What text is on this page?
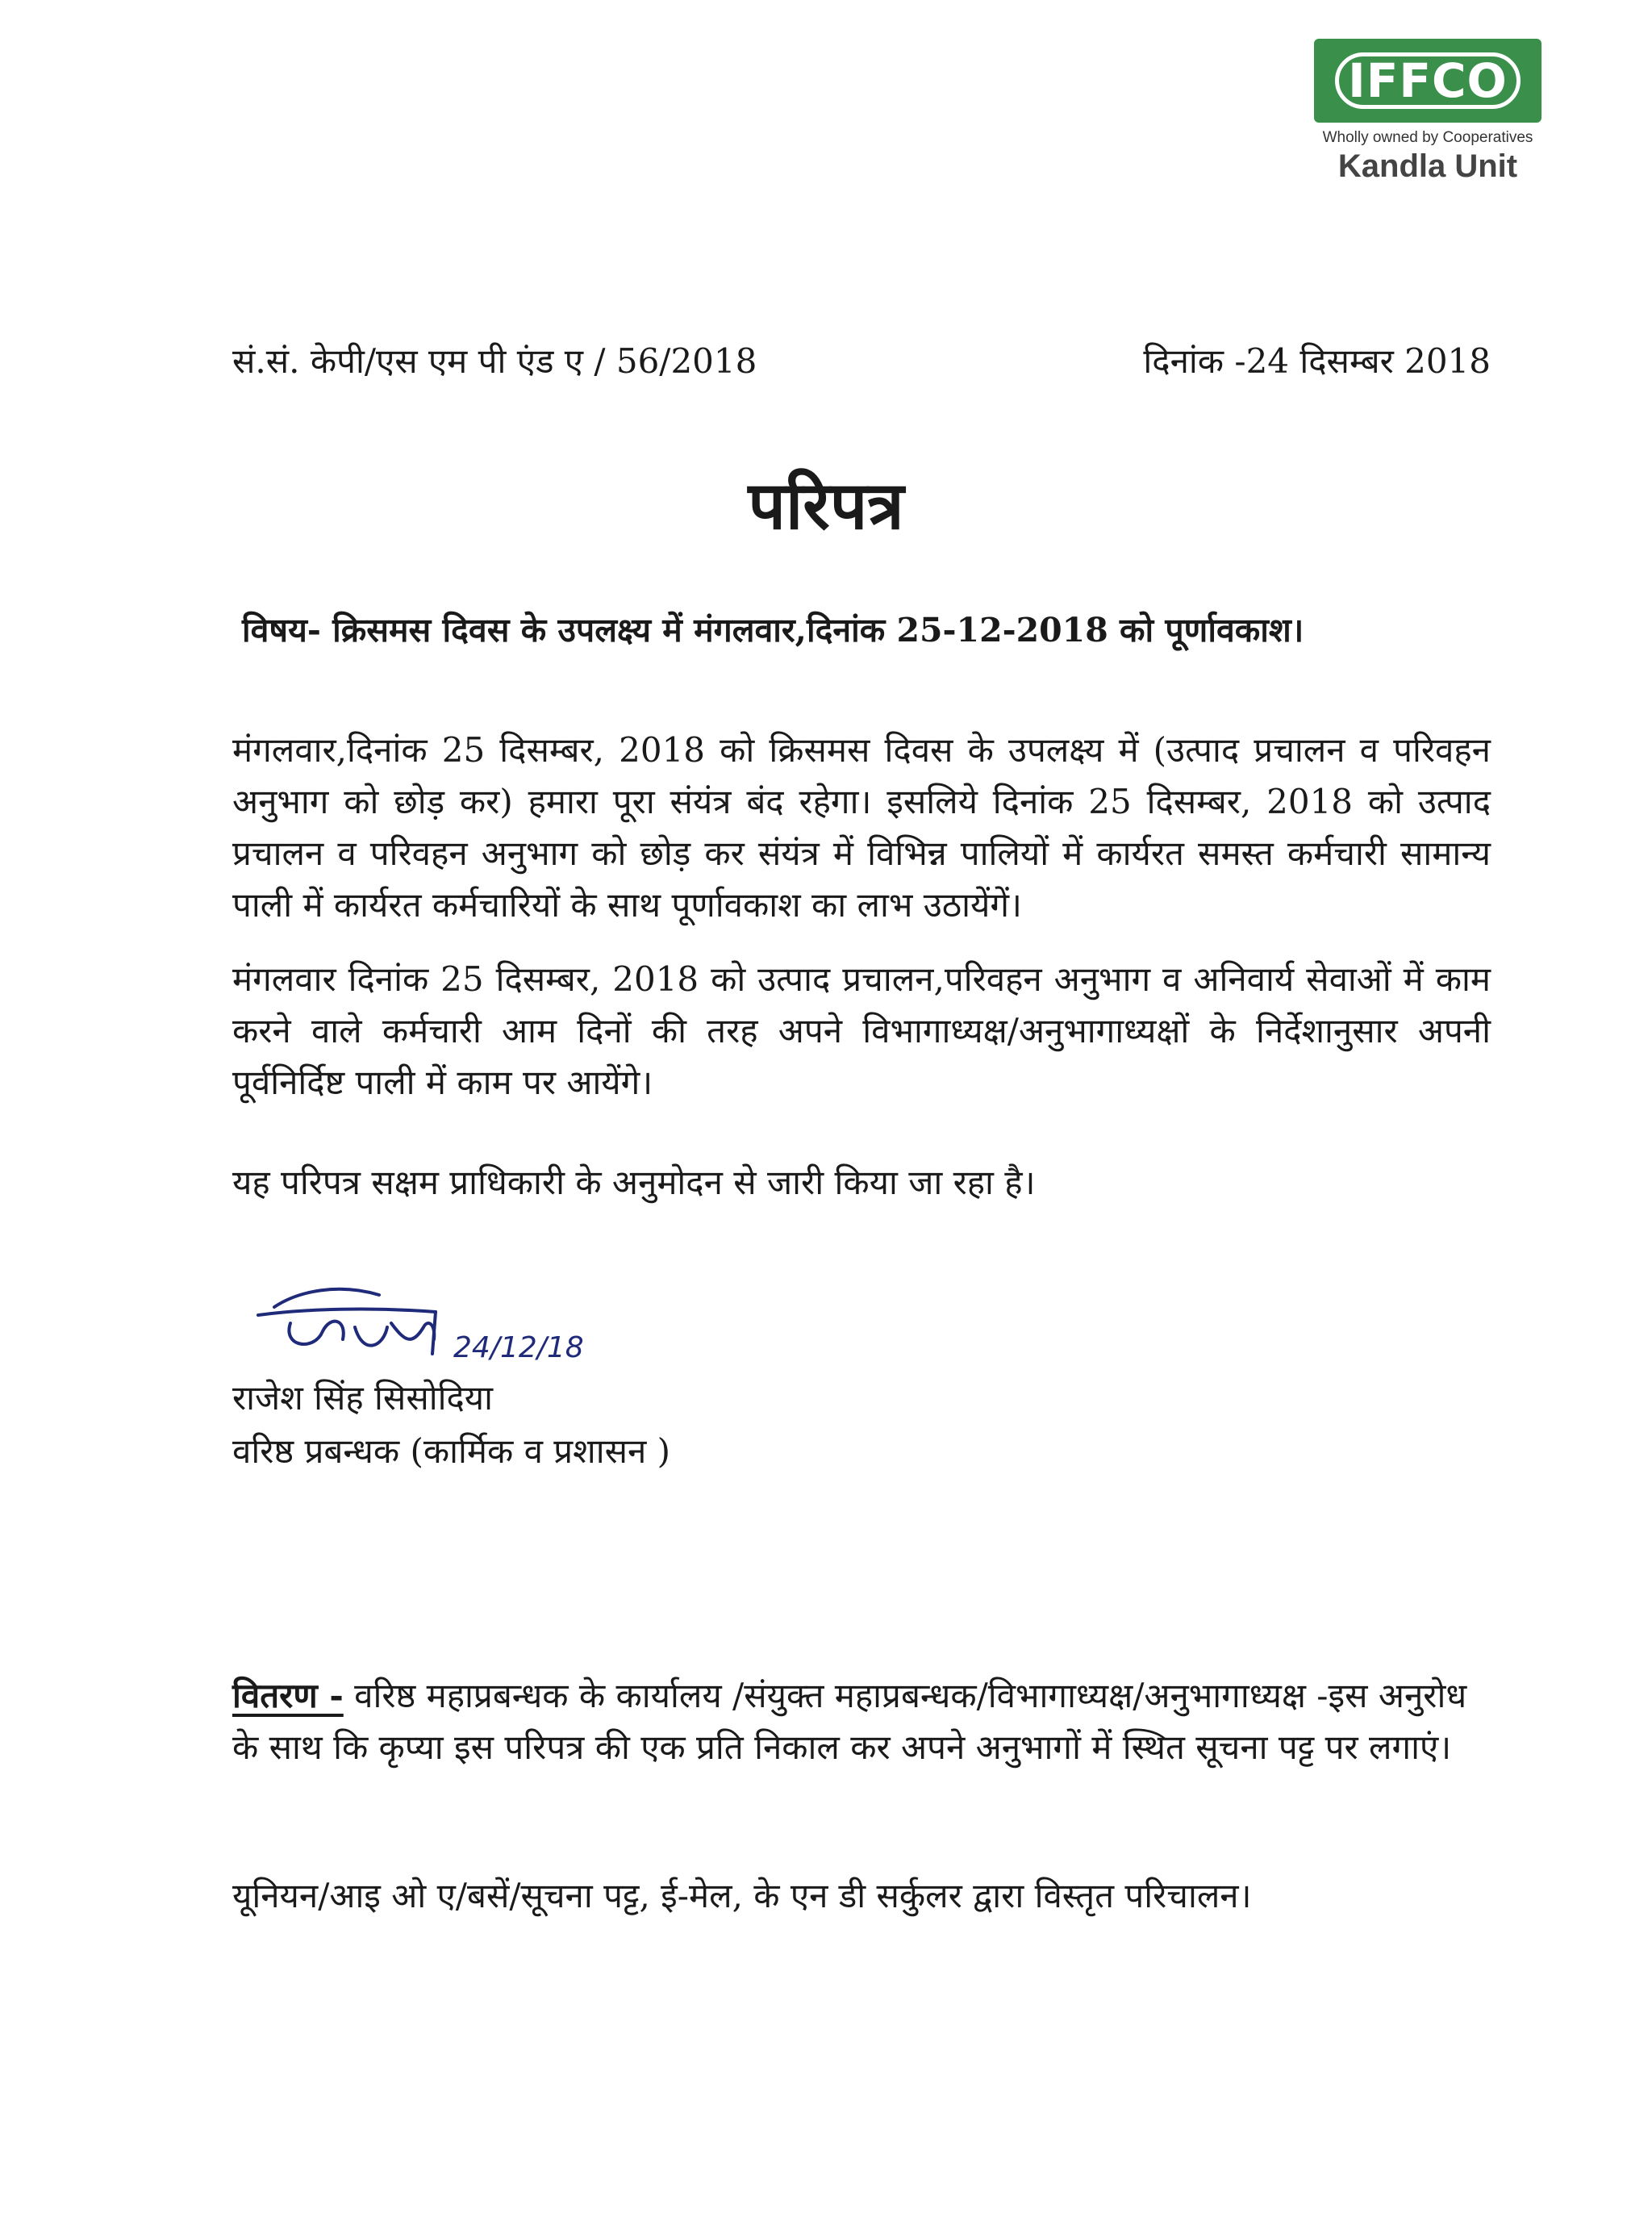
IFFCO
Wholly owned by Cooperatives
Kandla Unit
सं.सं. केपी/एस एम पी एंड ए / 56/2018	दिनांक -24 दिसम्बर 2018
परिपत्र
विषय- क्रिसमस दिवस के उपलक्ष्य में मंगलवार,दिनांक 25-12-2018 को पूर्णावकाश।
मंगलवार,दिनांक 25 दिसम्बर, 2018 को क्रिसमस दिवस के उपलक्ष्य में (उत्पाद प्रचालन व परिवहन अनुभाग को छोड़ कर) हमारा पूरा संयंत्र बंद रहेगा। इसलिये दिनांक 25 दिसम्बर, 2018 को उत्पाद प्रचालन व परिवहन अनुभाग को छोड़ कर संयंत्र में विभिन्न पालियों में कार्यरत समस्त कर्मचारी सामान्य पाली में कार्यरत कर्मचारियों के साथ पूर्णावकाश का लाभ उठायेंगें।
मंगलवार दिनांक 25 दिसम्बर, 2018 को उत्पाद प्रचालन,परिवहन अनुभाग व अनिवार्य सेवाओं में काम करने वाले कर्मचारी आम दिनों की तरह अपने विभागाध्यक्ष/अनुभागाध्यक्षों के निर्देशानुसार अपनी पूर्वनिर्दिष्ट पाली में काम पर आयेंगे।
यह परिपत्र सक्षम प्राधिकारी के अनुमोदन से जारी किया जा रहा है।
24/12/18
राजेश सिंह सिसोदिया
वरिष्ठ प्रबन्धक (कार्मिक व प्रशासन )
वितरण - वरिष्ठ महाप्रबन्धक के कार्यालय /संयुक्त महाप्रबन्धक/विभागाध्यक्ष/अनुभागाध्यक्ष -इस अनुरोध के साथ कि कृप्या इस परिपत्र की एक प्रति निकाल कर अपने अनुभागों में स्थित सूचना पट्ट पर लगाएं।
यूनियन/आइ ओ ए/बसें/सूचना पट्ट, ई-मेल, के एन डी सर्कुलर द्वारा विस्तृत परिचालन।
